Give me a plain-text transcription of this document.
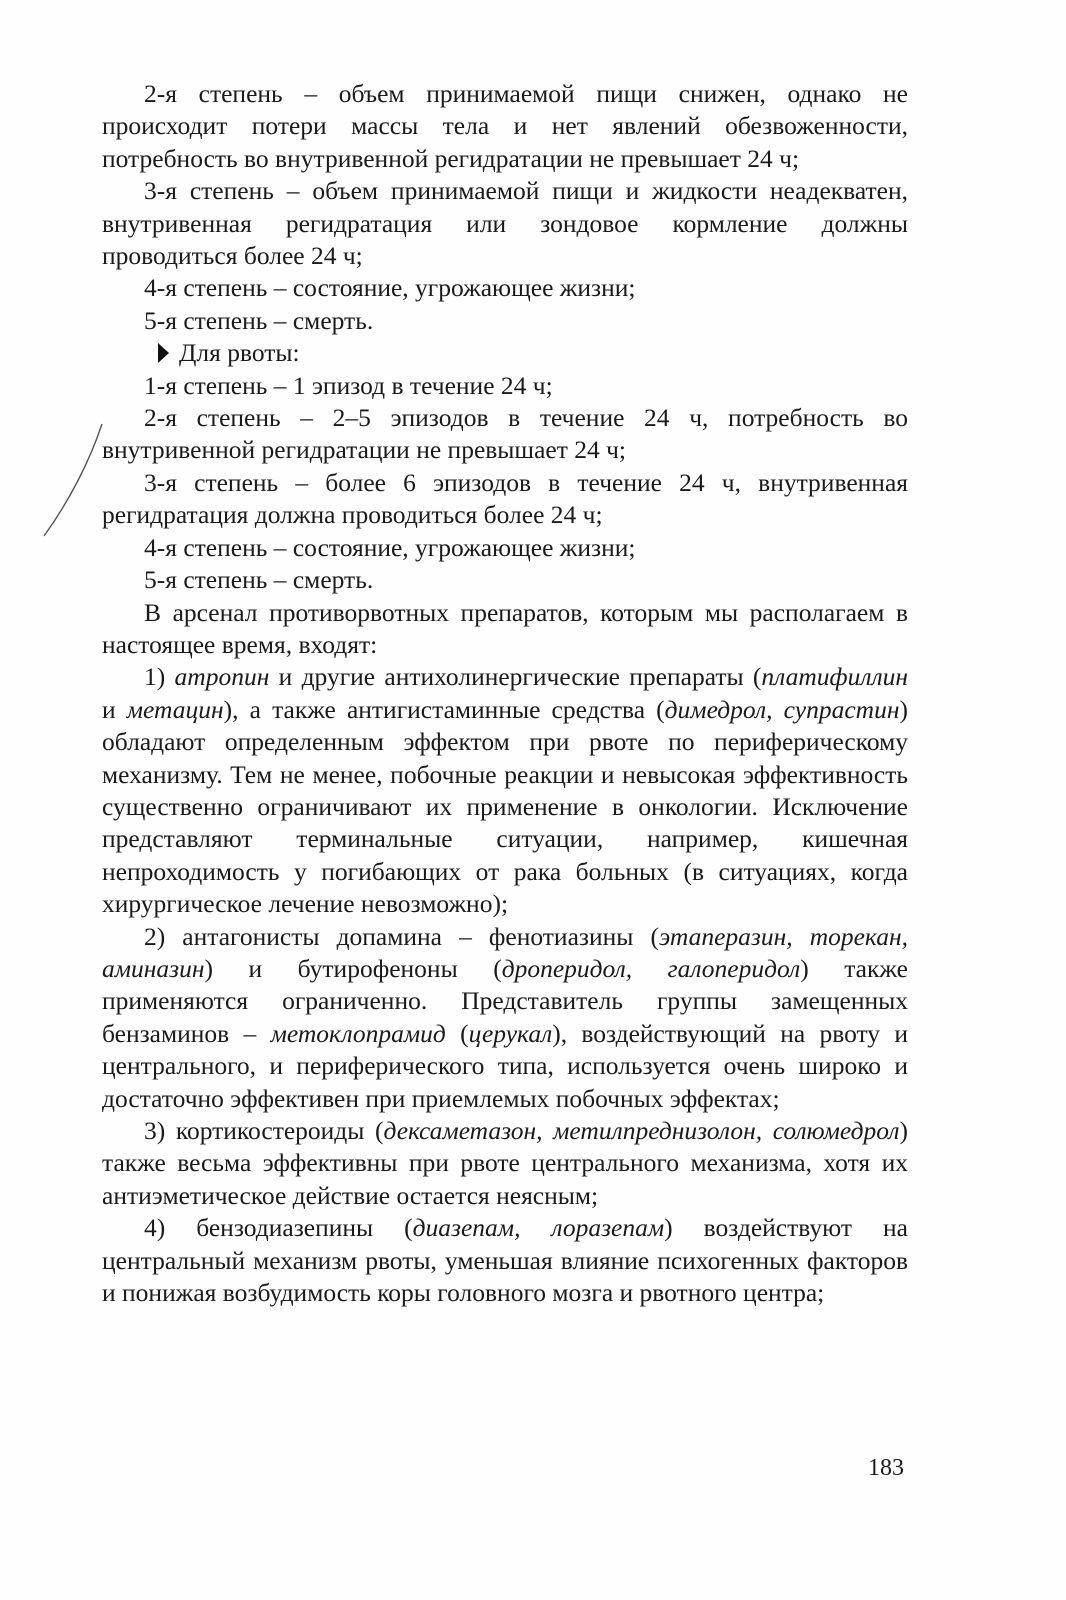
2-я степень – объем принимаемой пищи снижен, однако не происходит потери массы тела и нет явлений обезвоженности, потребность во внутривенной регидратации не превышает 24 ч;

3-я степень – объем принимаемой пищи и жидкости неадекватен, внутривенная регидратация или зондовое кормление должны проводиться более 24 ч;

4-я степень – состояние, угрожающее жизни;

5-я степень – смерть.

Для рвоты:

1-я степень – 1 эпизод в течение 24 ч;

2-я степень – 2–5 эпизодов в течение 24 ч, потребность во внутривенной регидратации не превышает 24 ч;

3-я степень – более 6 эпизодов в течение 24 ч, внутривенная регидратация должна проводиться более 24 ч;

4-я степень – состояние, угрожающее жизни;

5-я степень – смерть.

В арсенал противорвотных препаратов, которым мы располагаем в настоящее время, входят:

1) атропин и другие антихолинергические препараты (платифиллин и метацин), а также антигистаминные средства (димедрол, супрастин) обладают определенным эффектом при рвоте по периферическому механизму. Тем не менее, побочные реакции и невысокая эффективность существенно ограничивают их применение в онкологии. Исключение представляют терминальные ситуации, например, кишечная непроходимость у погибающих от рака больных (в ситуациях, когда хирургическое лечение невозможно);

2) антагонисты допамина – фенотиазины (этаперазин, торекан, аминазин) и бутирофеноны (дроперидол, галоперидол) также применяются ограниченно. Представитель группы замещенных бензаминов – метоклопрамид (церукал), воздействующий на рвоту и центрального, и периферического типа, используется очень широко и достаточно эффективен при приемлемых побочных эффектах;

3) кортикостероиды (дексаметазон, метилпреднизолон, солюмедрол) также весьма эффективны при рвоте центрального механизма, хотя их антиэметическое действие остается неясным;

4) бензодиазепины (диазепам, лоразепам) воздействуют на центральный механизм рвоты, уменьшая влияние психогенных факторов и понижая возбудимость коры головного мозга и рвотного центра;

183
